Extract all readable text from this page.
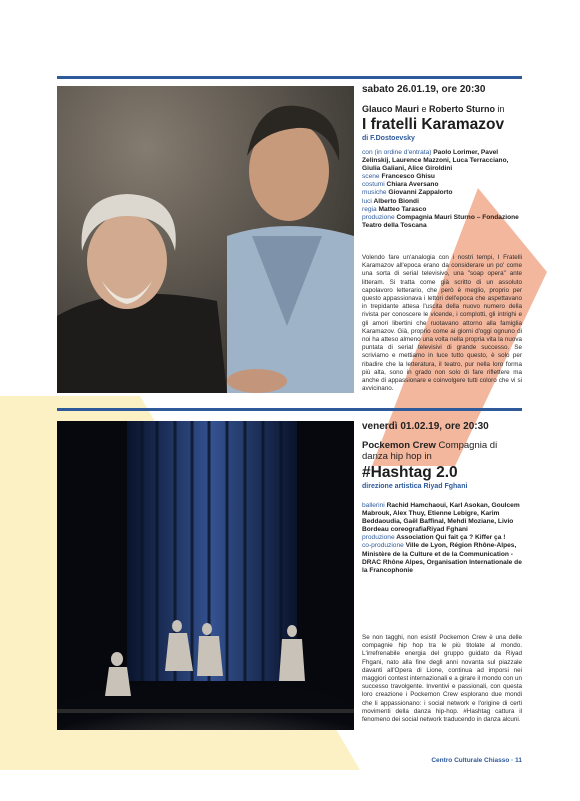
sabato 26.01.19, ore 20:30
Glauco Mauri e Roberto Sturno in
I fratelli Karamazov
di F.Dostoevsky
con (in ordine d'entrata) Paolo Lorimer, Pavel Zelinskij, Laurence Mazzoni, Luca Terracciano, Giulia Galiani, Alice Giroldini
scene Francesco Ghisu
costumi Chiara Aversano
musiche Giovanni Zappalorto
luci Alberto Biondi
regia Matteo Tarasco
produzione Compagnia Mauri Sturno – Fondazione Teatro della Toscana
Volendo fare un'analogia con i nostri tempi, I Fratelli Karamazov all'epoca erano da considerare un po' come una sorta di serial televisivo, una "soap opera" ante litteram. Si tratta come già scritto di un assoluto capolavoro letterario, che però è meglio, proprio per questo appassionava i lettori dell'epoca che aspettavano in trepidante attesa l'uscita della nuovo numero della rivista per conoscere le vicende, i complotti, gli intrighi e gli amori libertini che ruotavano attorno alla famiglia Karamazov. Già, proprio come ai giorni d'oggi ognuno di noi ha atteso almeno una volta nella propria vita la nuova puntata di serial televisivi di grande successo. Se scriviamo e mettiamo in luce tutto questo, è solo per ribadire che la letteratura, il teatro, pur nella loro forma più alta, sono in grado non solo di fare riflettere ma anche di appassionare e coinvolgere tutti coloro che vi si avvicinano.
venerdì 01.02.19, ore 20:30
Pockemon Crew Compagnia di danza hip hop in
#Hashtag 2.0
direzione artistica Riyad Fghani
ballerini Rachid Hamchaoui, Karl Asokan, Goulcem Mabrouk, Alex Thuy, Etienne Lebigre, Karim Beddaoudia, Gaël Baffinal, Mehdi Moziane, Livio Bordeau coreografiaRiyad Fghani
produzione Association Qui fait ça ? Kiffer ça !
co-produzione Ville de Lyon, Région Rhône-Alpes, Ministère de la Culture et de la Communication -DRAC Rhône Alpes, Organisation Internationale de la Francophonie
Se non tagghi, non esisti! Pockemon Crew è una delle compagnie hip hop tra le più titolate al mondo. L'irrefrenabile energia del gruppo guidato da Riyad Fhgani, nato alla fine degli anni novanta sul piazzale davanti all'Opera di Lione, continua ad imporsi nei maggiori contest internazionali e a girare il mondo con un successo travolgente. Inventivi e passionali, con questa loro creazione i Pockemon Crew esplorano due mondi che li appassionano: i social network e l'origine di certi movimenti della danza hip-hop. #Hashtag cattura il fenomeno dei social network traducendo in danza alcuni.
Centro Culturale Chiasso · 11
